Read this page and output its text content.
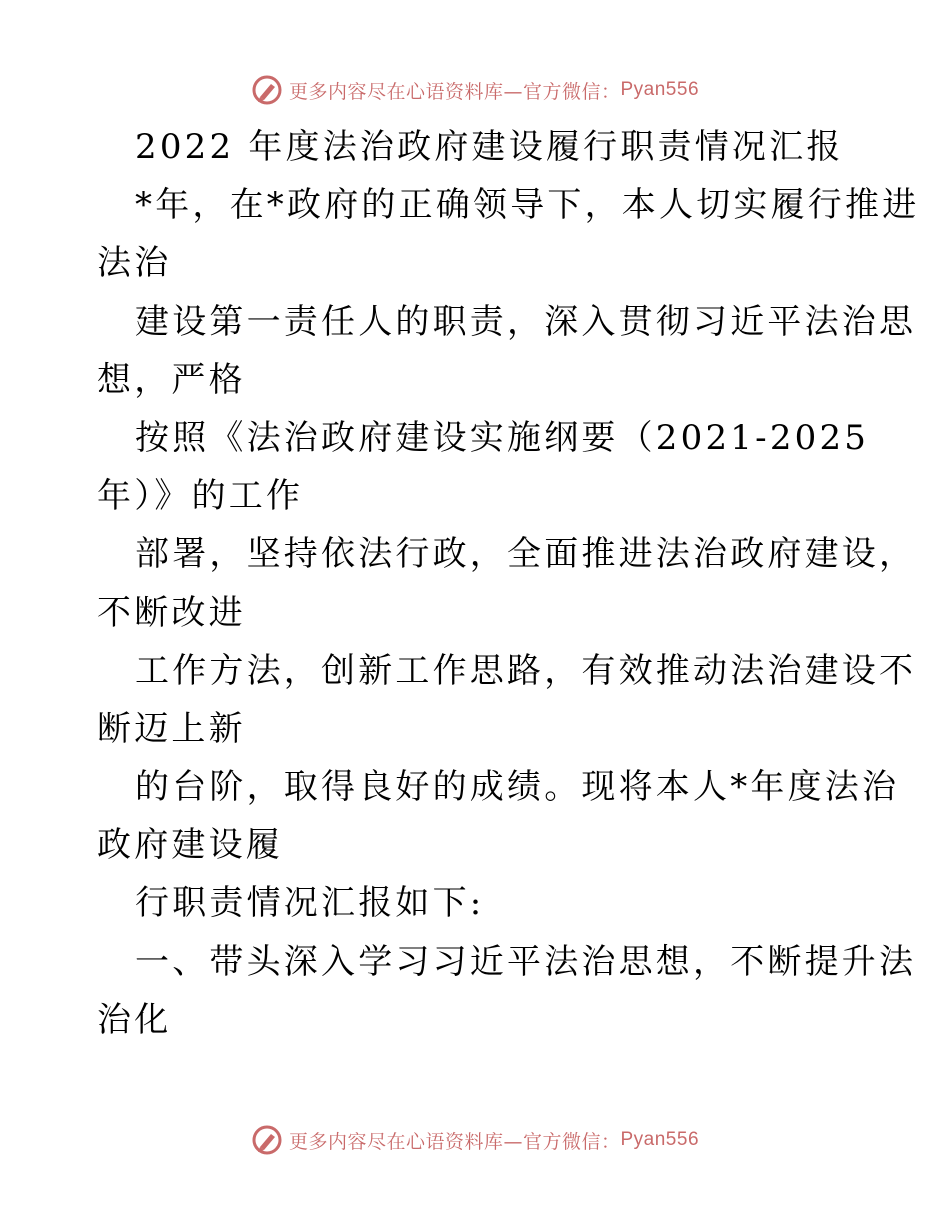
更多内容尽在心语资料库—官方微信： Pyan556
2022 年度法治政府建设履行职责情况汇报
*年，在*政府的正确领导下，本人切实履行推进
法治
建设第一责任人的职责，深入贯彻习近平法治思
想，严格
按照《法治政府建设实施纲要（2021-2025
年）》的工作
部署，坚持依法行政，全面推进法治政府建设，
不断改进
工作方法，创新工作思路，有效推动法治建设不
断迈上新
的台阶，取得良好的成绩。现将本人*年度法治
政府建设履
行职责情况汇报如下:
一、带头深入学习习近平法治思想，不断提升法
治化
更多内容尽在心语资料库—官方微信： Pyan556
